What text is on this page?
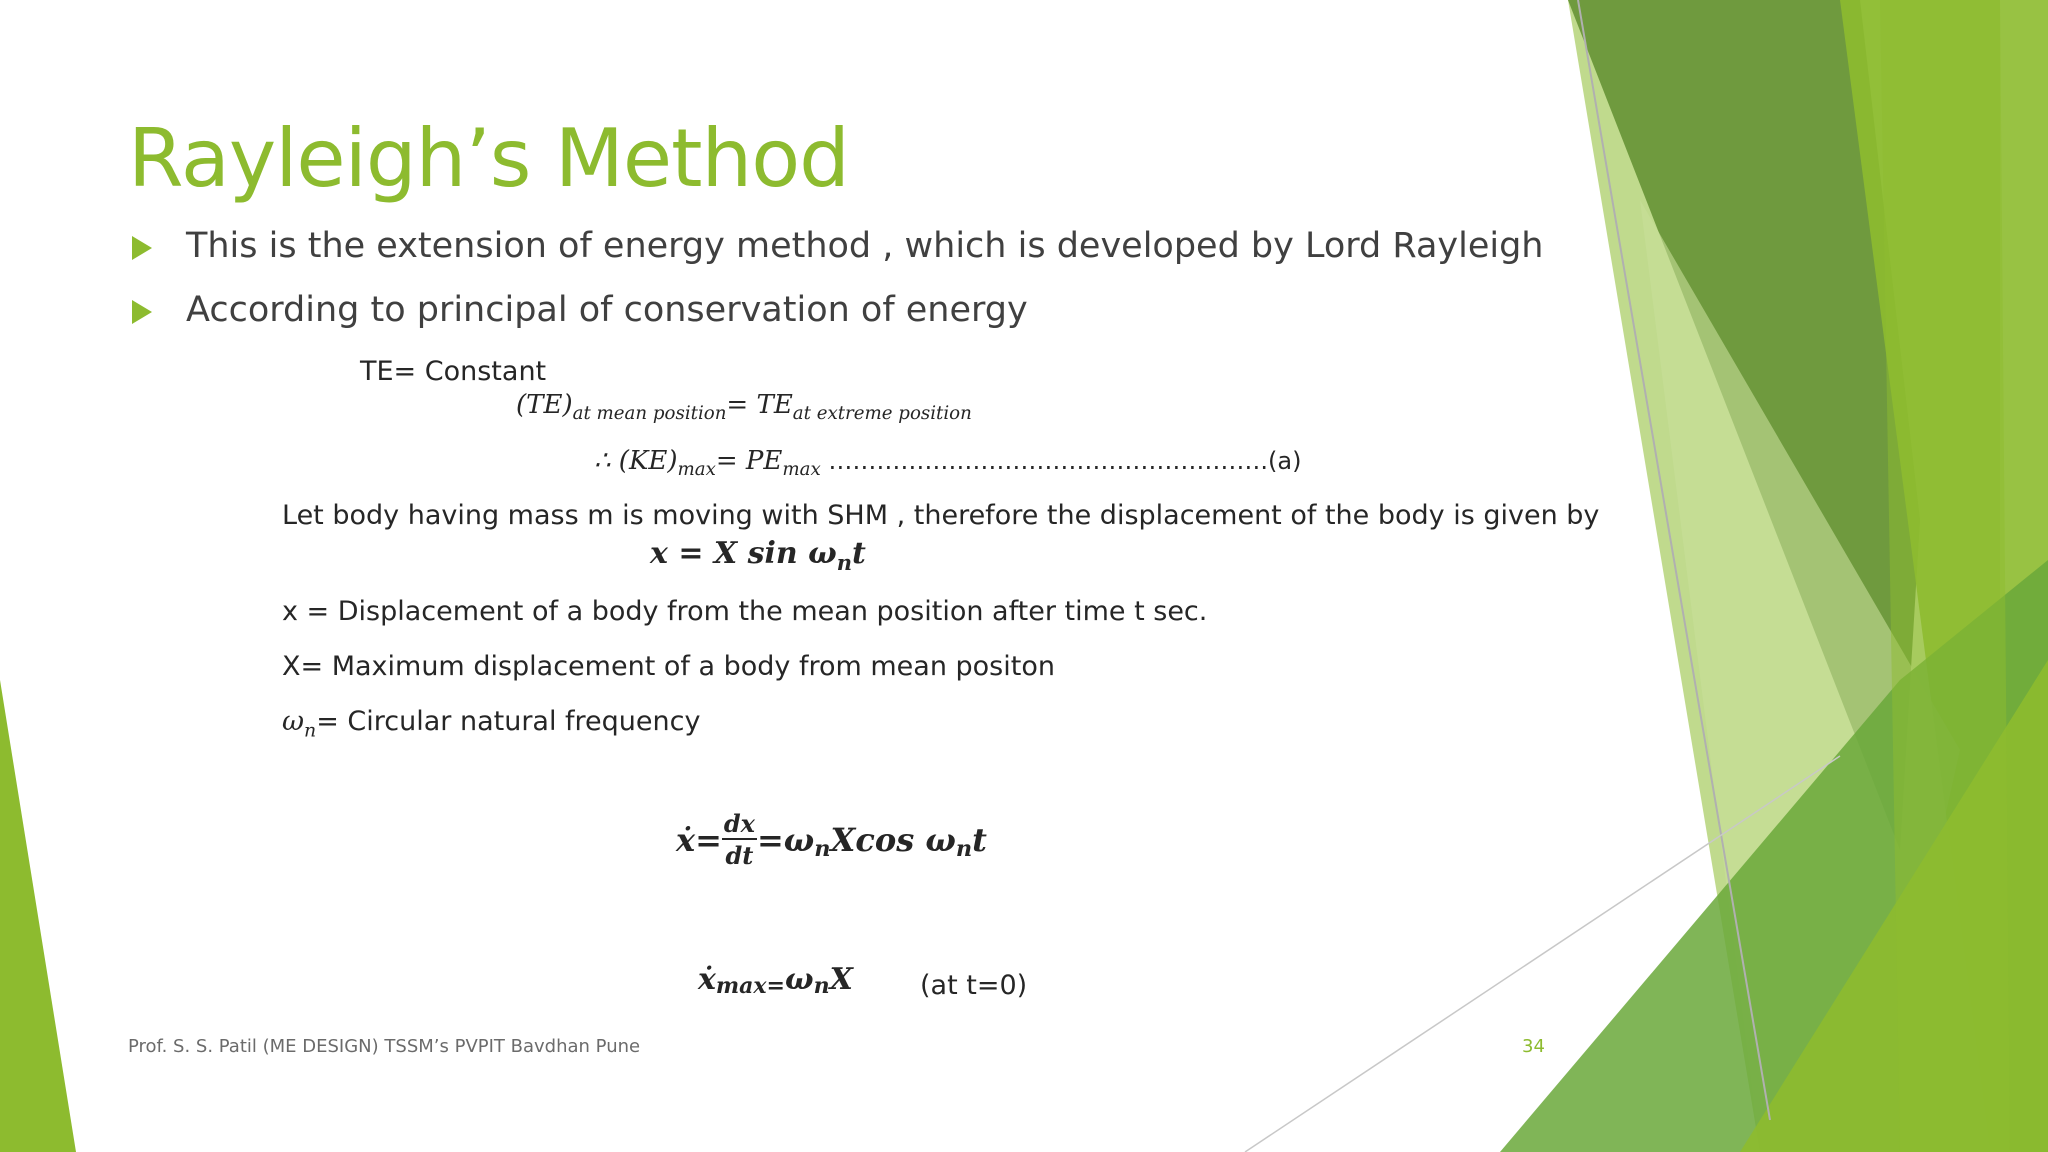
Rayleigh’s Method
This is the extension of energy method , which is developed by Lord Rayleigh
According to principal of conservation of energy
TE= Constant
$(TE)_{at mean position}= TE_{at extreme position}$
∴ $(KE)_{max}= PE_{max}$ ……………………………………………….(a)
Let body having mass m is moving with SHM , therefore the displacement of the body is given by
x = X $\sin \omega_nt$
x = Displacement of a body from the mean position after time t sec.
X= Maximum displacement of a body from mean positon
$\omega_n=$ Circular natural frequency
ẋ= $\frac{dx}{dt} =\omega_nXcos$ $\omega_nt$
$ẋ_{max=}\omega_nX$ (at t=0)
Prof. S. S. Patil (ME DESIGN) TSSM’s PVPIT Bavdhan Pune	34
